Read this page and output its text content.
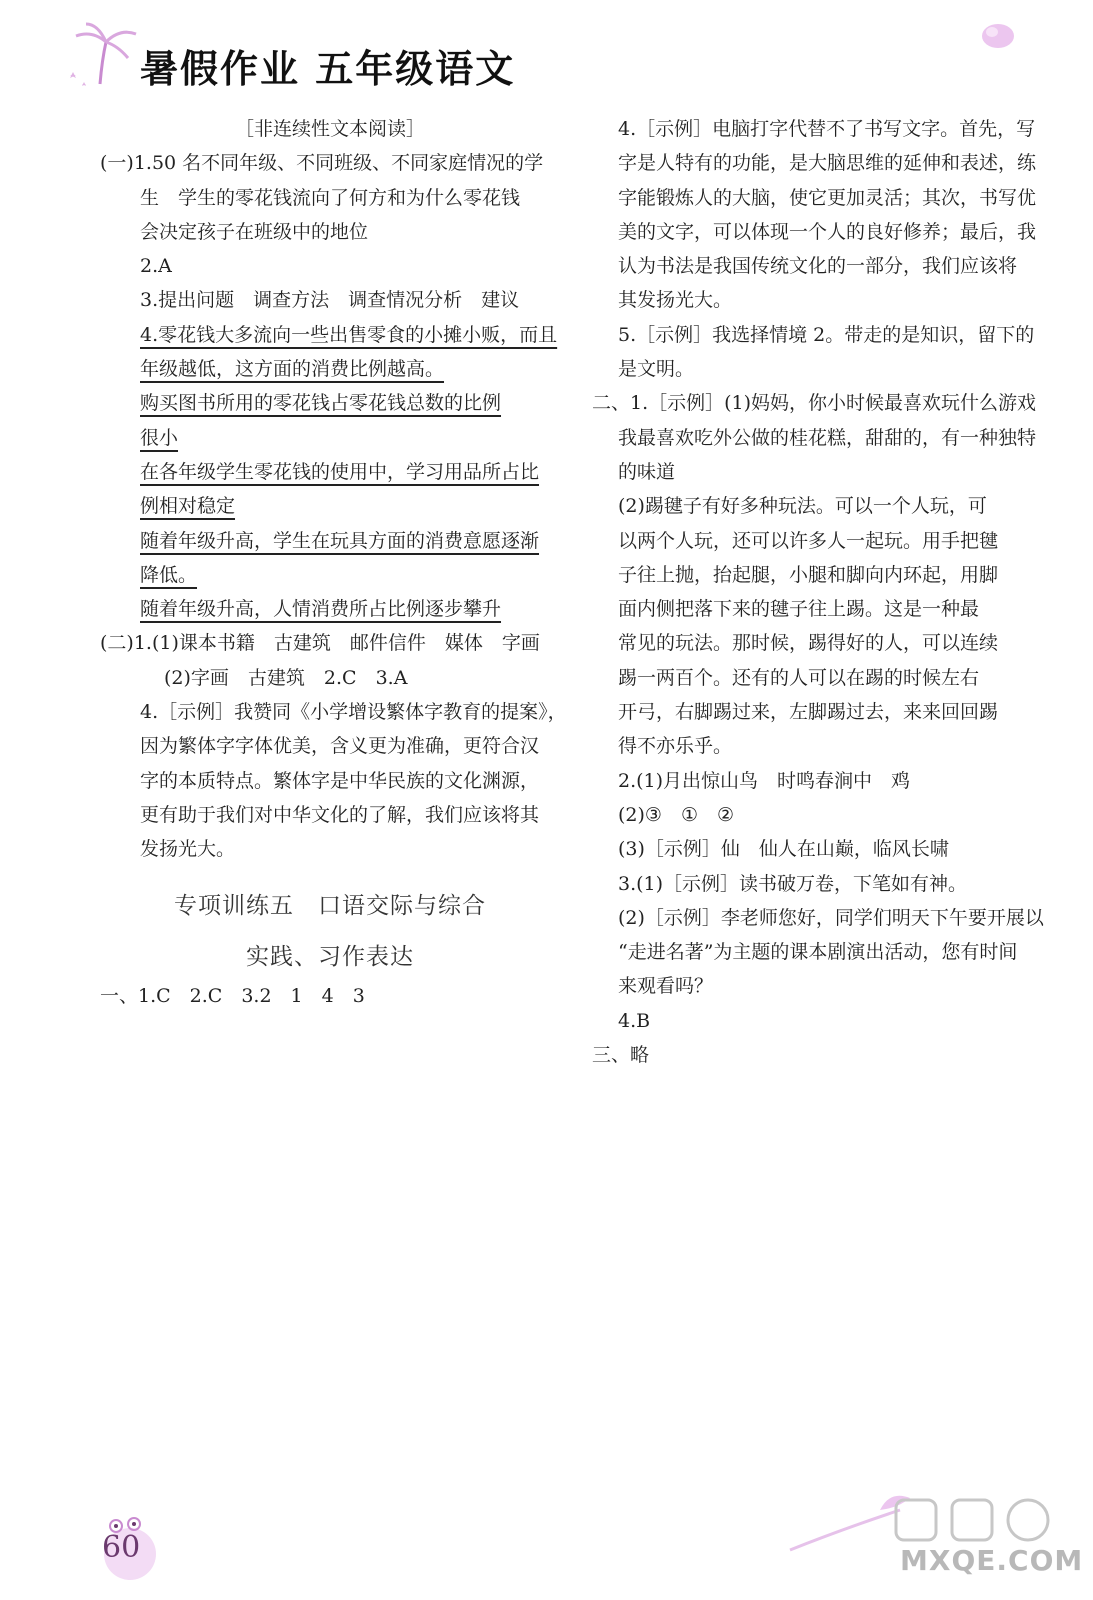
暑假作业 五年级语文
［非连续性文本阅读］
(一)1.50 名不同年级、不同班级、不同家庭情况的学
生　学生的零花钱流向了何方和为什么零花钱
会决定孩子在班级中的地位
2.A
3.提出问题　调查方法　调查情况分析　建议
4.零花钱大多流向一些出售零食的小摊小贩，而且
年级越低，这方面的消费比例越高。
购买图书所用的零花钱占零花钱总数的比例
很小
在各年级学生零花钱的使用中，学习用品所占比
例相对稳定
随着年级升高，学生在玩具方面的消费意愿逐渐
降低。
随着年级升高，人情消费所占比例逐步攀升
(二)1.(1)课本书籍　古建筑　邮件信件　媒体　字画
(2)字画　古建筑　2.C　3.A
4.［示例］我赞同《小学增设繁体字教育的提案》，
因为繁体字字体优美，含义更为准确，更符合汉
字的本质特点。繁体字是中华民族的文化渊源，
更有助于我们对中华文化的了解，我们应该将其
发扬光大。
专项训练五　口语交际与综合
实践、习作表达
一、1.C　2.C　3.2　1　4　3
4.［示例］电脑打字代替不了书写文字。首先，写
字是人特有的功能，是大脑思维的延伸和表述，练
字能锻炼人的大脑，使它更加灵活；其次，书写优
美的文字，可以体现一个人的良好修养；最后，我
认为书法是我国传统文化的一部分，我们应该将
其发扬光大。
5.［示例］我选择情境 2。带走的是知识，留下的
是文明。
二、1.［示例］(1)妈妈，你小时候最喜欢玩什么游戏
我最喜欢吃外公做的桂花糕，甜甜的，有一种独特
的味道
(2)踢毽子有好多种玩法。可以一个人玩，可
以两个人玩，还可以许多人一起玩。用手把毽
子往上抛，抬起腿，小腿和脚向内环起，用脚
面内侧把落下来的毽子往上踢。这是一种最
常见的玩法。那时候，踢得好的人，可以连续
踢一两百个。还有的人可以在踢的时候左右
开弓，右脚踢过来，左脚踢过去，来来回回踢
得不亦乐乎。
2.(1)月出惊山鸟　时鸣春涧中　鸡
(2)③　①　②
(3)［示例］仙　仙人在山巅，临风长啸
3.(1)［示例］读书破万卷，下笔如有神。
(2)［示例］李老师您好，同学们明天下午要开展以
“走进名著”为主题的课本剧演出活动，您有时间
来观看吗？
4.B
三、略
60	MXQE.COM
